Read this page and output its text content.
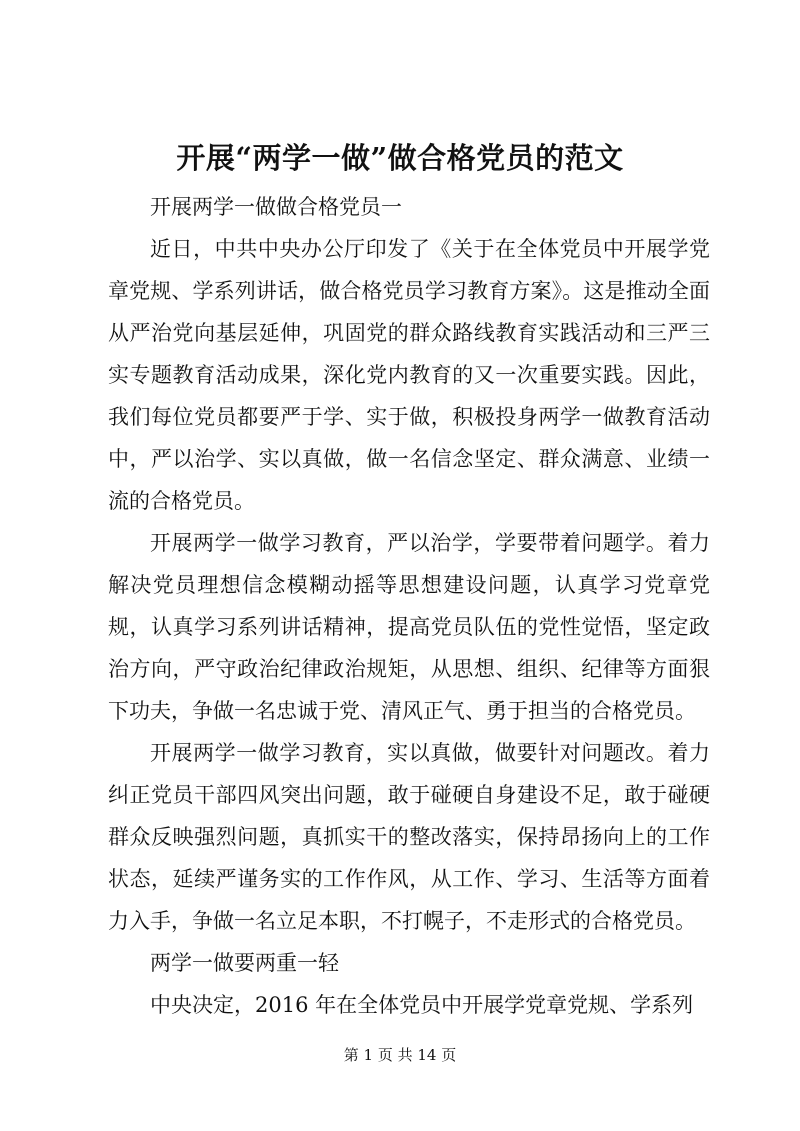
开展“两学一做”做合格党员的范文

开展两学一做做合格党员一

近日，中共中央办公厅印发了《关于在全体党员中开展学党章党规、学系列讲话，做合格党员学习教育方案》。这是推动全面从严治党向基层延伸，巩固党的群众路线教育实践活动和三严三实专题教育活动成果，深化党内教育的又一次重要实践。因此，我们每位党员都要严于学、实于做，积极投身两学一做教育活动中，严以治学、实以真做，做一名信念坚定、群众满意、业绩一流的合格党员。

开展两学一做学习教育，严以治学，学要带着问题学。着力解决党员理想信念模糊动摇等思想建设问题，认真学习党章党规，认真学习系列讲话精神，提高党员队伍的党性觉悟，坚定政治方向，严守政治纪律政治规矩，从思想、组织、纪律等方面狠下功夫，争做一名忠诚于党、清风正气、勇于担当的合格党员。

开展两学一做学习教育，实以真做，做要针对问题改。着力纠正党员干部四风突出问题，敢于碰硬自身建设不足，敢于碰硬群众反映强烈问题，真抓实干的整改落实，保持昂扬向上的工作状态，延续严谨务实的工作作风，从工作、学习、生活等方面着力入手，争做一名立足本职，不打幌子，不走形式的合格党员。

两学一做要两重一轻

中央决定，2016 年在全体党员中开展学党章党规、学系列

第 1 页 共 14 页
